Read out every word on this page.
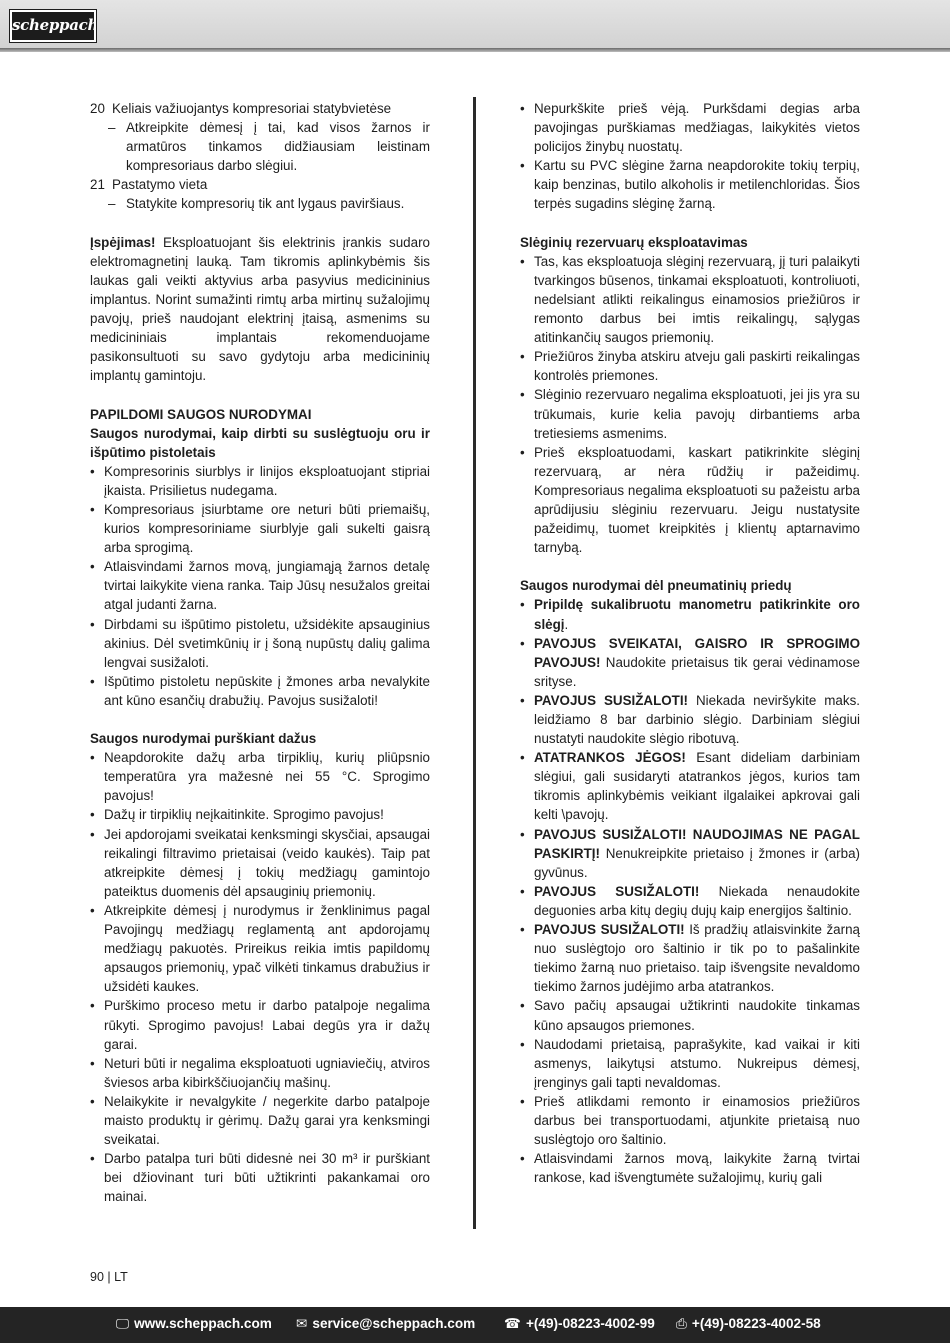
scheppach
20 Keliais važiuojantys kompresoriai statybvietėse
– Atkreipkite dėmesį į tai, kad visos žarnos ir armatūros tinkamos didžiausiam leistinam kompresoriaus darbo slėgiui.
21 Pastatymo vieta
– Statykite kompresorių tik ant lygaus paviršiaus.

Įspėjimas! Eksploatuojant šis elektrinis įrankis sudaro elektromagnetinį lauką. Tam tikromis aplinkybėmis šis laukas gali veikti aktyvius arba pasyvius medicininius implantus. Norint sumažinti rimtų arba mirtinų sužalojimų pavojų, prieš naudojant elektrinį įtaisą, asmenims su medicininiais implantais rekomenduojame pasikonsultuoti su savo gydytoju arba medicininių implantų gamintoju.

PAPILDOMI SAUGOS NURODYMAI

Saugos nurodymai, kaip dirbti su suslėgtuoju oru ir išpūtimo pistoletais

• Kompresorinis siurblys ir linijos eksploatuojant stipriai įkaista. Prisilietus nudegama.
• Kompresoriaus įsiurbtame ore neturi būti priemaišų, kurios kompresoriniame siurblyje gali sukelti gaisrą arba sprogimą.
• Atlaisvindami žarnos movą, jungiamąją žarnos detalę tvirtai laikykite viena ranka. Taip Jūsų nesužalos greitai atgal judanti žarna.
• Dirbdami su išpūtimo pistoletu, užsidėkite apsauginius akinius. Dėl svetimkūnių ir į šoną nupūstų dalių galima lengvai susižaloti.
• Išpūtimo pistoletu nepūskite į žmones arba nevalykite ant kūno esančių drabužių. Pavojus susižaloti!

Saugos nurodymai purškiant dažus

• Neapdorokite dažų arba tirpiklių, kurių pliūpsnio temperatūra yra mažesnė nei 55 °C. Sprogimo pavojus!
• Dažų ir tirpiklių neįkaitinkite. Sprogimo pavojus!
• Jei apdorojami sveikatai kenksmingi skysčiai, apsaugai reikalingi filtravimo prietaisai (veido kaukės). Taip pat atkreipkite dėmesį į tokių medžiagų gamintojo pateiktus duomenis dėl apsauginių priemonių.
• Atkreipkite dėmesį į nurodymus ir ženklinimus pagal Pavojingų medžiagų reglamentą ant apdorojamų medžiagų pakuotės. Prireikus reikia imtis papildomų apsaugos priemonių, ypač vilkėti tinkamus drabužius ir užsidėti kaukes.
• Purškimo proceso metu ir darbo patalpoje negalima rūkyti. Sprogimo pavojus! Labai degūs yra ir dažų garai.
• Neturi būti ir negalima eksploatuoti ugniaviečių, atviros šviesos arba kibirkščiuojančių mašinų.
• Nelaikykite ir nevalgykite / negerkite darbo patalpoje maisto produktų ir gėrimų. Dažų garai yra kenksmingi sveikatai.
• Darbo patalpa turi būti didesnė nei 30 m³ ir purškiant bei džiovinant turi būti užtikrinti pakankamai oro mainai.
• Nepurkškite prieš vėją. Purkšdami degias arba pavojingas purškiamas medžiagas, laikykitės vietos policijos žinybų nuostatų.
• Kartu su PVC slėgine žarna neapdorokite tokių terpių, kaip benzinas, butilo alkoholis ir metilenchloridas. Šios terpės sugadins slėginę žarną.

Slėginių rezervuarų eksploatavimas

• Tas, kas eksploatuoja slėginį rezervuarą, jį turi palaikyti tvarkingos būsenos, tinkamai eksploatuoti, kontroliuoti, nedelsiant atlikti reikalingus einamosios priežiūros ir remonto darbus bei imtis reikalingų, sąlygas atitinkančių saugos priemonių.
• Priežiūros žinyba atskiru atveju gali paskirti reikalingas kontrolės priemones.
• Slėginio rezervuaro negalima eksploatuoti, jei jis yra su trūkumais, kurie kelia pavojų dirbantiems arba tretiesiems asmenims.
• Prieš eksploatuodami, kaskart patikrinkite slėginį rezervuarą, ar nėra rūdžių ir pažeidimų. Kompresoriaus negalima eksploatuoti su pažeistu arba aprūdijusiu slėginiu rezervuaru. Jeigu nustatysite pažeidimų, tuomet kreipkitės į klientų aptarnavimo tarnybą.

Saugos nurodymai dėl pneumatinių priedų

• Pripildę sukalibruotu manometru patikrinkite oro slėgį.
• PAVOJUS SVEIKATAI, GAISRO IR SPROGIMO PAVOJUS! Naudokite prietaisus tik gerai vėdinamose srityse.
• PAVOJUS SUSIŽALOTI! Niekada neviršykite maks. leidžiamo 8 bar darbinio slėgio. Darbiniam slėgiui nustatyti naudokite slėgio ribotuvą.
• ATATRANKOS JĖGOS! Esant dideliam darbiniam slėgiui, gali susidaryti atatrankos jėgos, kurios tam tikromis aplinkybėmis veikiant ilgalaikei apkrovai gali kelti \pavojų.
• PAVOJUS SUSIŽALOTI! NAUDOJIMAS NE PAGAL PASKIRTĮ! Nenukreipkite prietaiso į žmones ir (arba) gyvūnus.
• PAVOJUS SUSIŽALOTI! Niekada nenaudokite deguonies arba kitų degių dujų kaip energijos šaltinio.
• PAVOJUS SUSIŽALOTI! Iš pradžių atlaisvinkite žarną nuo suslėgtojo oro šaltinio ir tik po to pašalinkite tiekimo žarną nuo prietaiso. taip išvengsite nevaldomo tiekimo žarnos judėjimo arba atatrankos.
• Savo pačių apsaugai užtikrinti naudokite tinkamas kūno apsaugos priemones.
• Naudodami prietaisą, paprašykite, kad vaikai ir kiti asmenys, laikytųsi atstumo. Nukreipus dėmesį, įrenginys gali tapti nevaldomas.
• Prieš atlikdami remonto ir einamosios priežiūros darbus bei transportuodami, atjunkite prietaisą nuo suslėgtojo oro šaltinio.
• Atlaisvindami žarnos movą, laikykite žarną tvirtai rankose, kad išvengtumėte sužalojimų, kurių gali
90 | LT
🖵 www.scheppach.com ✉ service@scheppach.com ☎ +(49)-08223-4002-99 ⎙ +(49)-08223-4002-58
